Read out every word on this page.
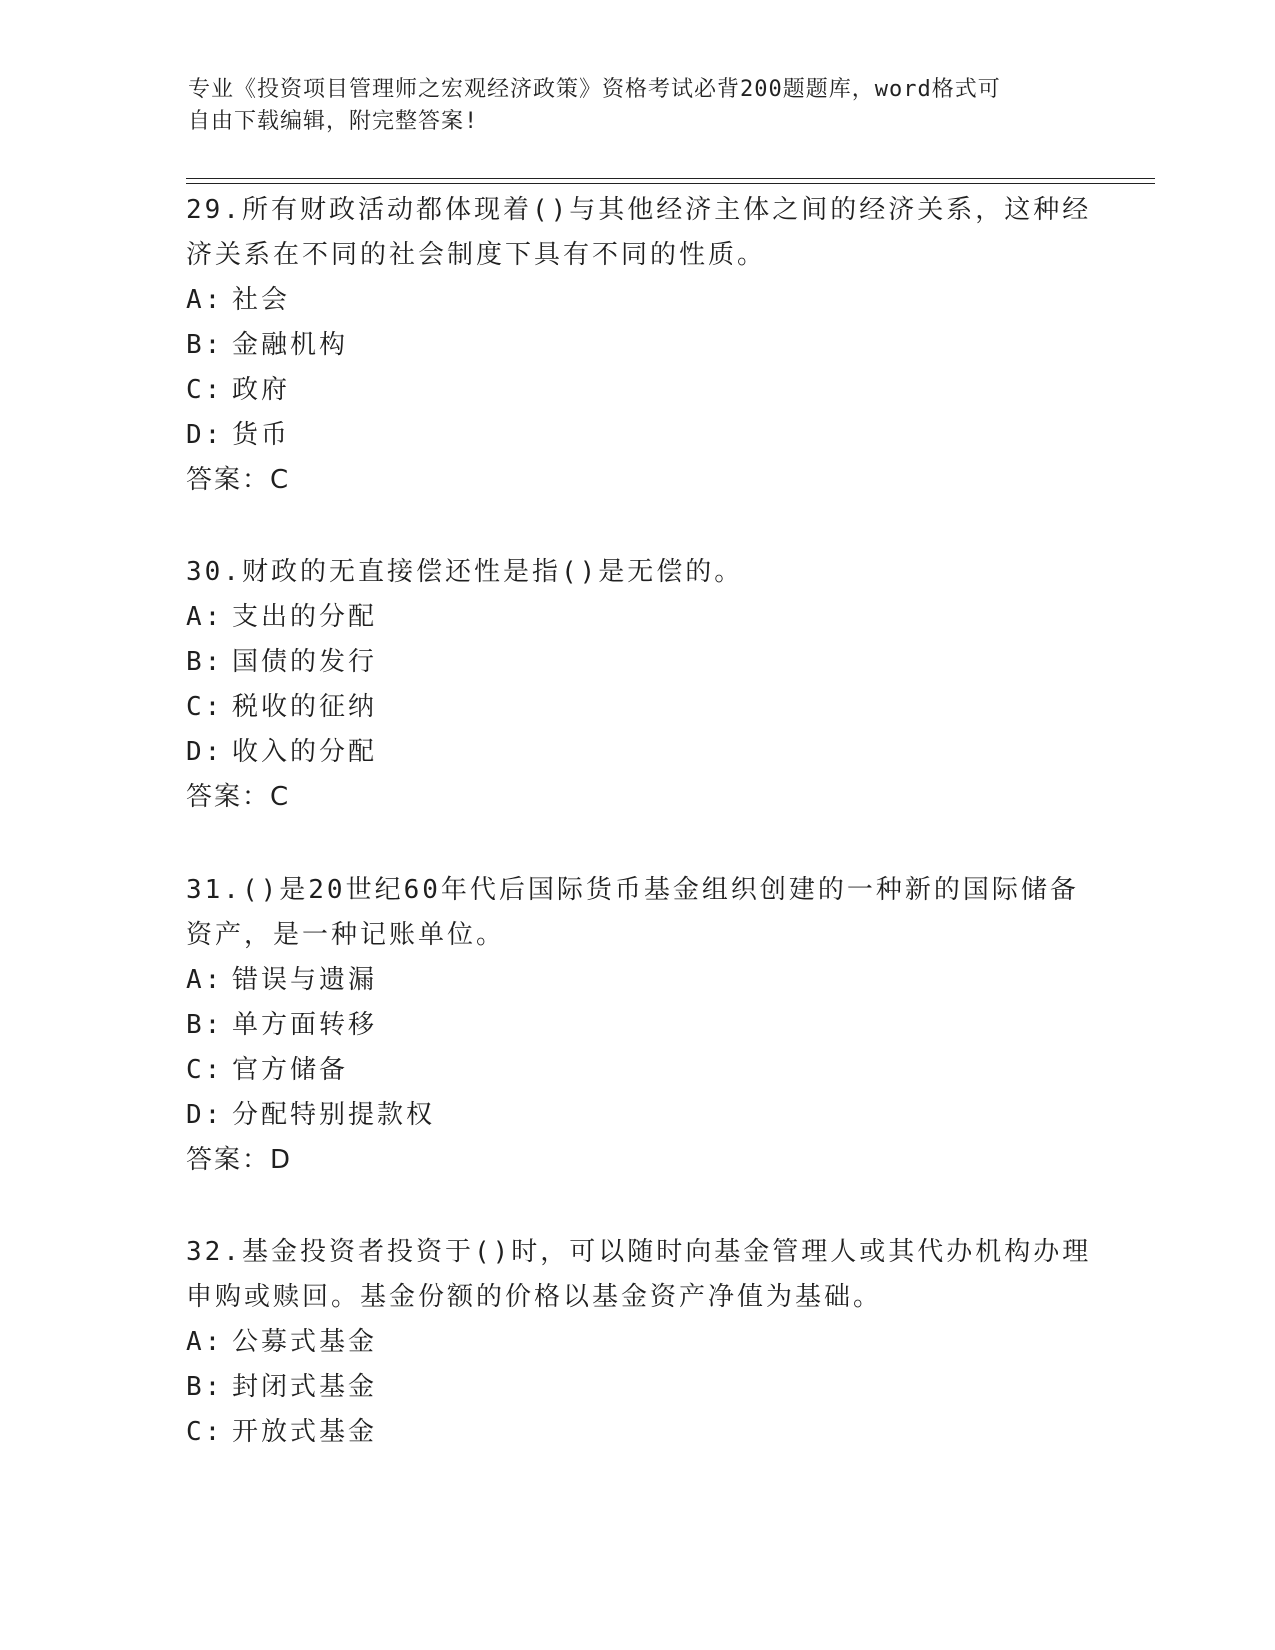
专业《投资项目管理师之宏观经济政策》资格考试必背200题题库，word格式可
自由下载编辑，附完整答案!
29.所有财政活动都体现着()与其他经济主体之间的经济关系，这种经
济关系在不同的社会制度下具有不同的性质。
A: 社会
B: 金融机构
C: 政府
D: 货币
答案：C
30.财政的无直接偿还性是指()是无偿的。
A: 支出的分配
B: 国债的发行
C: 税收的征纳
D: 收入的分配
答案：C
31.()是20世纪60年代后国际货币基金组织创建的一种新的国际储备
资产，是一种记账单位。
A: 错误与遗漏
B: 单方面转移
C: 官方储备
D: 分配特别提款权
答案：D
32.基金投资者投资于()时，可以随时向基金管理人或其代办机构办理
申购或赎回。基金份额的价格以基金资产净值为基础。
A: 公募式基金
B: 封闭式基金
C: 开放式基金
